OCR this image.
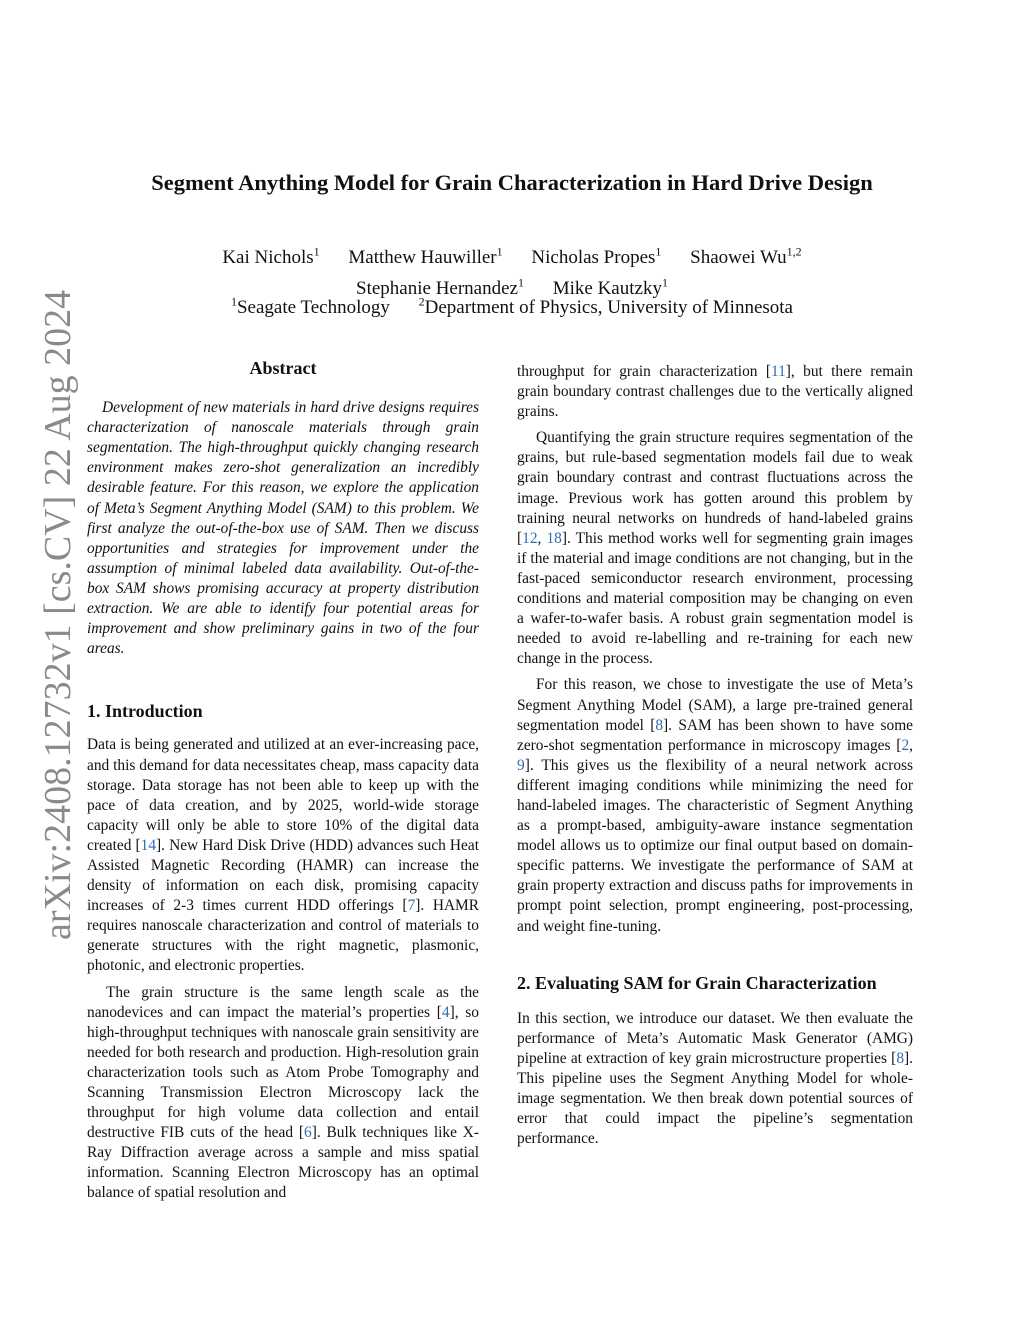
arXiv:2408.12732v1 [cs.CV] 22 Aug 2024
Segment Anything Model for Grain Characterization in Hard Drive Design
Kai Nichols$^1$ Matthew Hauwiller$^1$ Nicholas Propes$^1$ Shaowei Wu$^{1,2}$
Stephanie Hernandez$^1$ Mike Kautzky$^1$
$^1$Seagate Technology $^2$Department of Physics, University of Minnesota
Abstract

Development of new materials in hard drive designs requires characterization of nanoscale materials through grain segmentation. The high-throughput quickly changing research environment makes zero-shot generalization an incredibly desirable feature. For this reason, we explore the application of Meta’s Segment Anything Model (SAM) to this problem. We first analyze the out-of-the-box use of SAM. Then we discuss opportunities and strategies for improvement under the assumption of minimal labeled data availability. Out-of-the-box SAM shows promising accuracy at property distribution extraction. We are able to identify four potential areas for improvement and show preliminary gains in two of the four areas.

1. Introduction

Data is being generated and utilized at an ever-increasing pace, and this demand for data necessitates cheap, mass capacity data storage. Data storage has not been able to keep up with the pace of data creation, and by 2025, world-wide storage capacity will only be able to store 10% of the digital data created [14]. New Hard Disk Drive (HDD) advances such Heat Assisted Magnetic Recording (HAMR) can increase the density of information on each disk, promising capacity increases of 2-3 times current HDD offerings [7]. HAMR requires nanoscale characterization and control of materials to generate structures with the right magnetic, plasmonic, photonic, and electronic properties.

The grain structure is the same length scale as the nanodevices and can impact the material’s properties [4], so high-throughput techniques with nanoscale grain sensitivity are needed for both research and production. High-resolution grain characterization tools such as Atom Probe Tomography and Scanning Transmission Electron Microscopy lack the throughput for high volume data collection and entail destructive FIB cuts of the head [6]. Bulk techniques like X-Ray Diffraction average across a sample and miss spatial information. Scanning Electron Microscopy has an optimal balance of spatial resolution and

throughput for grain characterization [11], but there remain grain boundary contrast challenges due to the vertically aligned grains.

Quantifying the grain structure requires segmentation of the grains, but rule-based segmentation models fail due to weak grain boundary contrast and contrast fluctuations across the image. Previous work has gotten around this problem by training neural networks on hundreds of hand-labeled grains [12, 18]. This method works well for segmenting grain images if the material and image conditions are not changing, but in the fast-paced semiconductor research environment, processing conditions and material composition may be changing on even a wafer-to-wafer basis. A robust grain segmentation model is needed to avoid re-labelling and re-training for each new change in the process.

For this reason, we chose to investigate the use of Meta’s Segment Anything Model (SAM), a large pre-trained general segmentation model [8]. SAM has been shown to have some zero-shot segmentation performance in microscopy images [2, 9]. This gives us the flexibility of a neural network across different imaging conditions while minimizing the need for hand-labeled images. The characteristic of Segment Anything as a prompt-based, ambiguity-aware instance segmentation model allows us to optimize our final output based on domain-specific patterns. We investigate the performance of SAM at grain property extraction and discuss paths for improvements in prompt point selection, prompt engineering, post-processing, and weight fine-tuning.

2. Evaluating SAM for Grain Characterization

In this section, we introduce our dataset. We then evaluate the performance of Meta’s Automatic Mask Generator (AMG) pipeline at extraction of key grain microstructure properties [8]. This pipeline uses the Segment Anything Model for whole-image segmentation. We then break down potential sources of error that could impact the pipeline’s segmentation performance.
